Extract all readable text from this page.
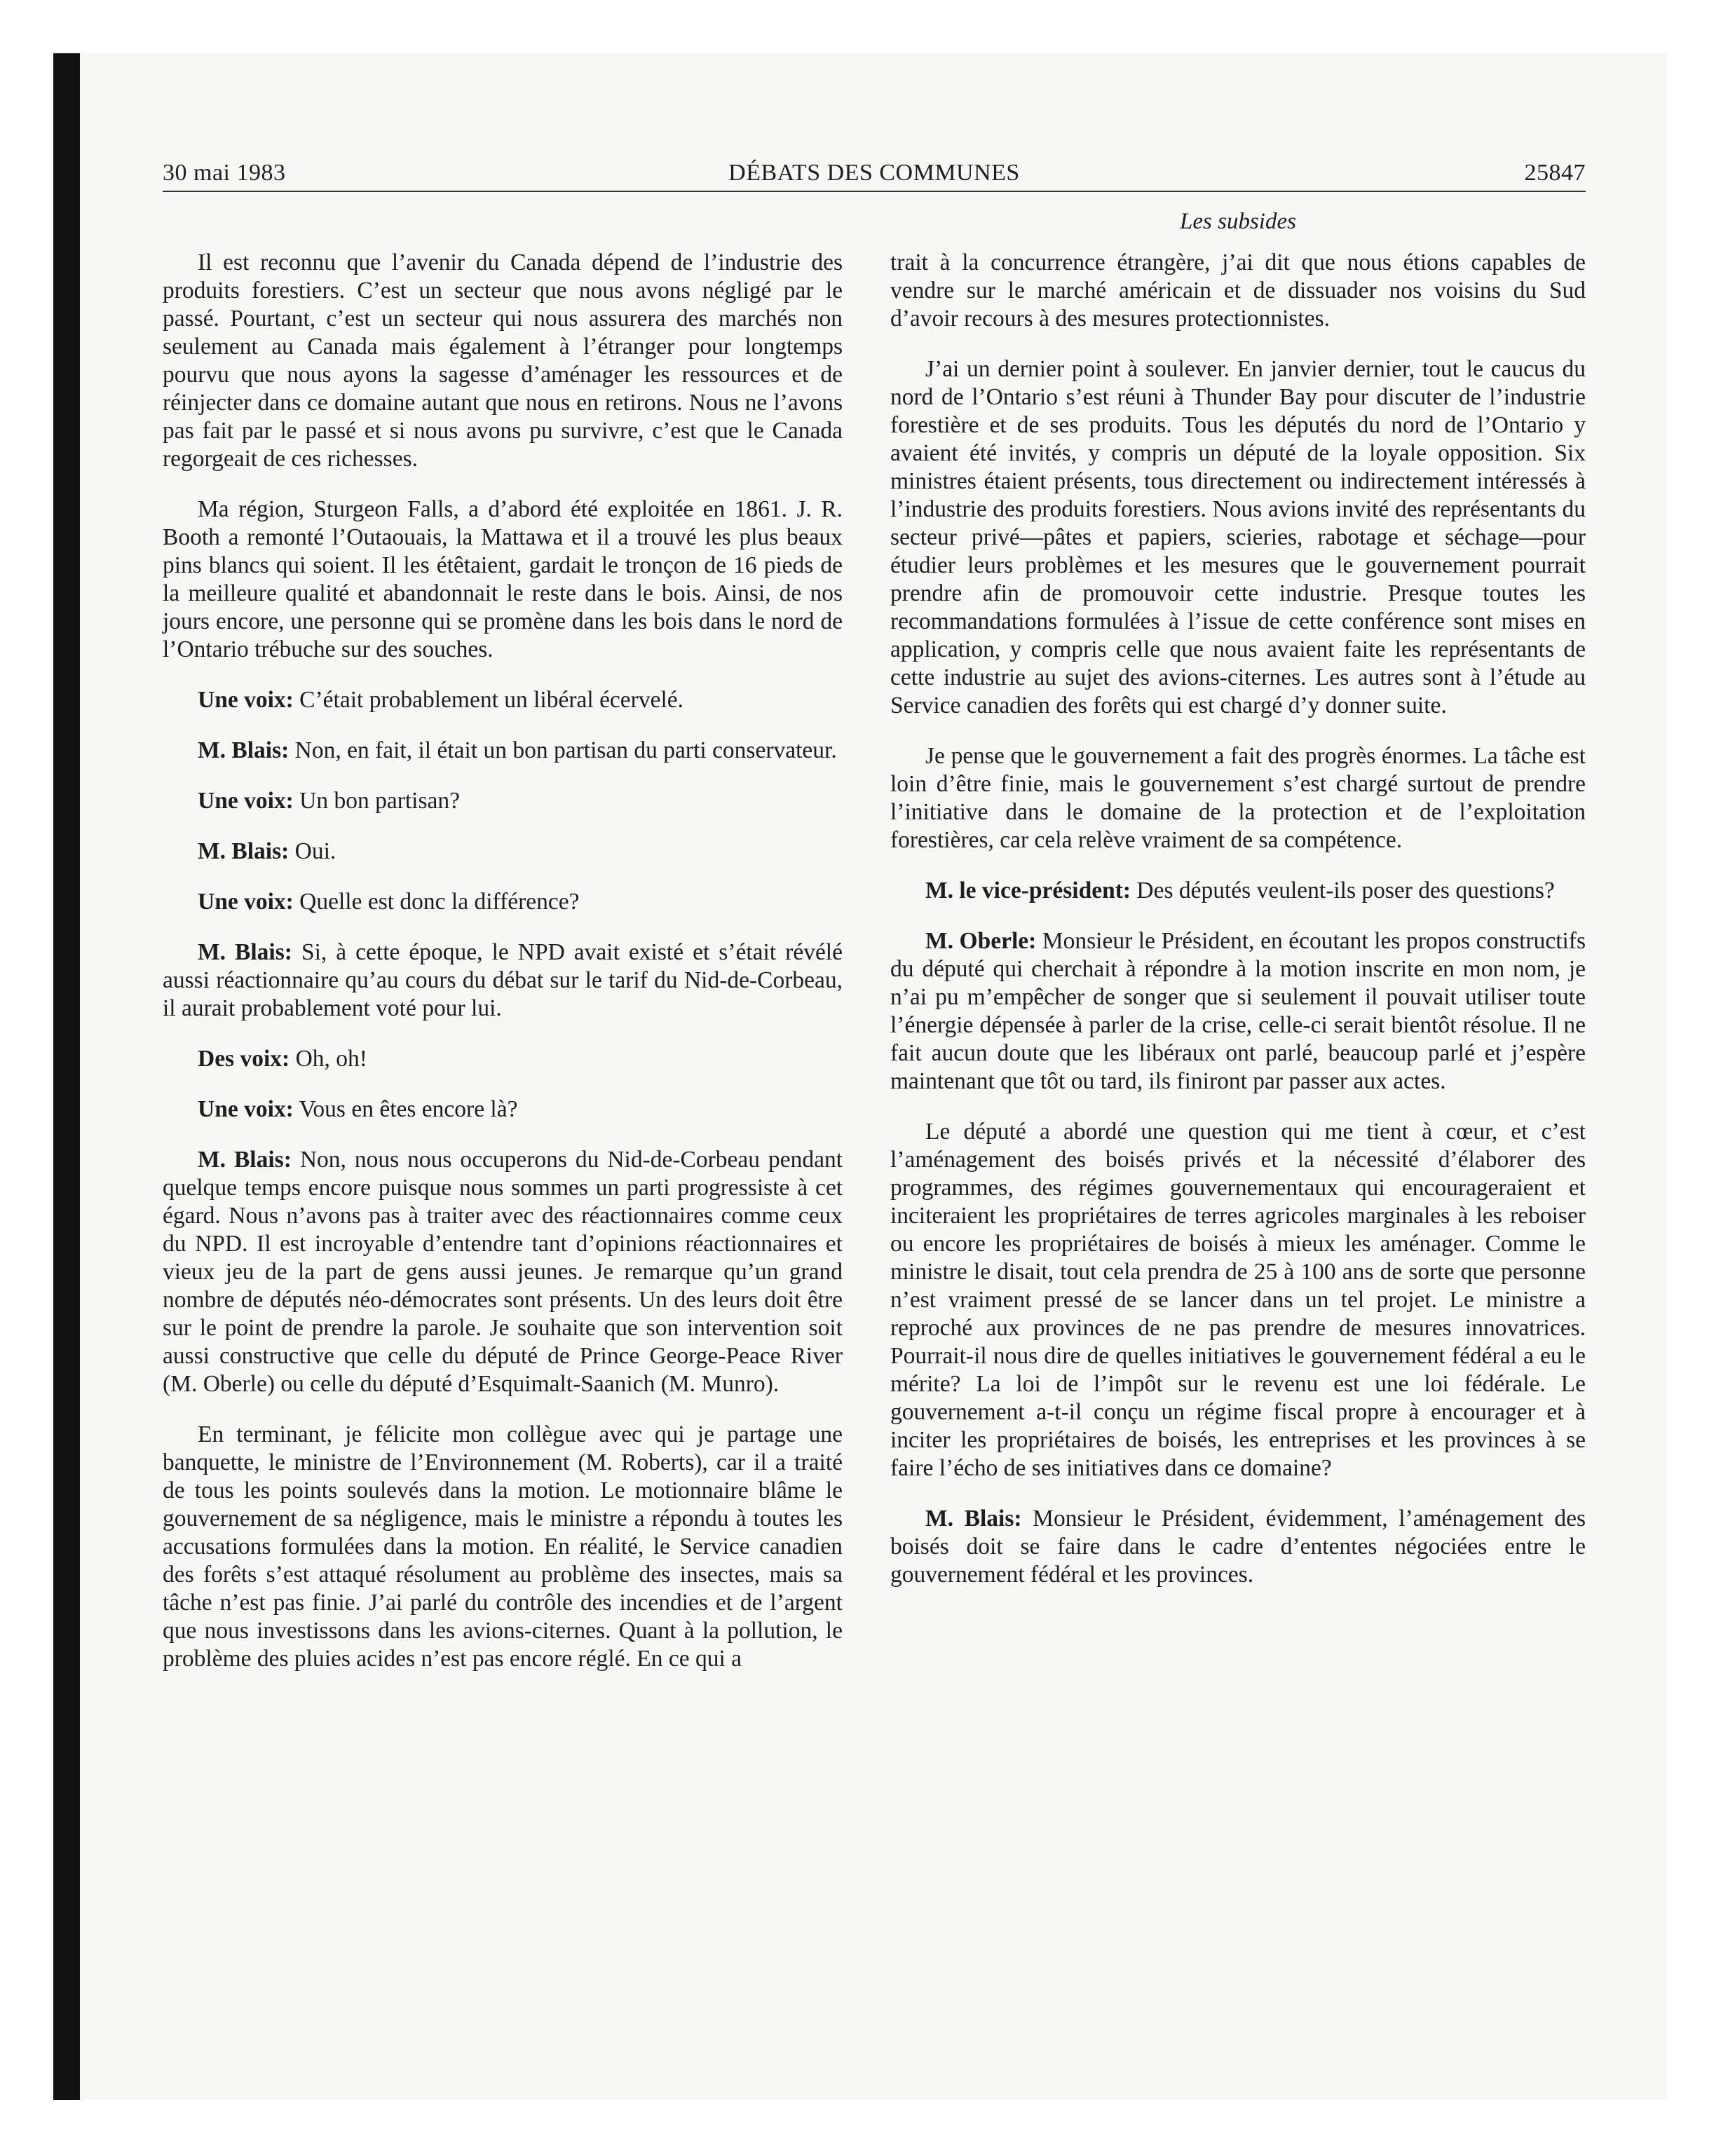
DÉBATS DES COMMUNES
30 mai 1983	25847
Les subsides

Il est reconnu que l’avenir du Canada dépend de l’industrie des produits forestiers. C’est un secteur que nous avons négligé par le passé. Pourtant, c’est un secteur qui nous assurera des marchés non seulement au Canada mais également à l’étranger pour longtemps pourvu que nous ayons la sagesse d’aménager les ressources et de réinjecter dans ce domaine autant que nous en retirons. Nous ne l’avons pas fait par le passé et si nous avons pu survivre, c’est que le Canada regorgeait de ces richesses.

Ma région, Sturgeon Falls, a d’abord été exploitée en 1861. J. R. Booth a remonté l’Outaouais, la Mattawa et il a trouvé les plus beaux pins blancs qui soient. Il les étêtaient, gardait le tronçon de 16 pieds de la meilleure qualité et abandonnait le reste dans le bois. Ainsi, de nos jours encore, une personne qui se promène dans les bois dans le nord de l’Ontario trébuche sur des souches.

Une voix: C’était probablement un libéral écervelé.

M. Blais: Non, en fait, il était un bon partisan du parti conservateur.

Une voix: Un bon partisan?

M. Blais: Oui.

Une voix: Quelle est donc la différence?

M. Blais: Si, à cette époque, le NPD avait existé et s’était révélé aussi réactionnaire qu’au cours du débat sur le tarif du Nid-de-Corbeau, il aurait probablement voté pour lui.

Des voix: Oh, oh!

Une voix: Vous en êtes encore là?

M. Blais: Non, nous nous occuperons du Nid-de-Corbeau pendant quelque temps encore puisque nous sommes un parti progressiste à cet égard. Nous n’avons pas à traiter avec des réactionnaires comme ceux du NPD. Il est incroyable d’entendre tant d’opinions réactionnaires et vieux jeu de la part de gens aussi jeunes. Je remarque qu’un grand nombre de députés néo-démocrates sont présents. Un des leurs doit être sur le point de prendre la parole. Je souhaite que son intervention soit aussi constructive que celle du député de Prince George-Peace River (M. Oberle) ou celle du député d’Esquimalt-Saanich (M. Munro).

En terminant, je félicite mon collègue avec qui je partage une banquette, le ministre de l’Environnement (M. Roberts), car il a traité de tous les points soulevés dans la motion. Le motionnaire blâme le gouvernement de sa négligence, mais le ministre a répondu à toutes les accusations formulées dans la motion. En réalité, le Service canadien des forêts s’est attaqué résolument au problème des insectes, mais sa tâche n’est pas finie. J’ai parlé du contrôle des incendies et de l’argent que nous investissons dans les avions-citernes. Quant à la pollution, le problème des pluies acides n’est pas encore réglé. En ce qui a

trait à la concurrence étrangère, j’ai dit que nous étions capables de vendre sur le marché américain et de dissuader nos voisins du Sud d’avoir recours à des mesures protectionnistes.

J’ai un dernier point à soulever. En janvier dernier, tout le caucus du nord de l’Ontario s’est réuni à Thunder Bay pour discuter de l’industrie forestière et de ses produits. Tous les députés du nord de l’Ontario y avaient été invités, y compris un député de la loyale opposition. Six ministres étaient présents, tous directement ou indirectement intéressés à l’industrie des produits forestiers. Nous avions invité des représentants du secteur privé—pâtes et papiers, scieries, rabotage et séchage—pour étudier leurs problèmes et les mesures que le gouvernement pourrait prendre afin de promouvoir cette industrie. Presque toutes les recommandations formulées à l’issue de cette conférence sont mises en application, y compris celle que nous avaient faite les représentants de cette industrie au sujet des avions-citernes. Les autres sont à l’étude au Service canadien des forêts qui est chargé d’y donner suite.

Je pense que le gouvernement a fait des progrès énormes. La tâche est loin d’être finie, mais le gouvernement s’est chargé surtout de prendre l’initiative dans le domaine de la protection et de l’exploitation forestières, car cela relève vraiment de sa compétence.

M. le vice-président: Des députés veulent-ils poser des questions?

M. Oberle: Monsieur le Président, en écoutant les propos constructifs du député qui cherchait à répondre à la motion inscrite en mon nom, je n’ai pu m’empêcher de songer que si seulement il pouvait utiliser toute l’énergie dépensée à parler de la crise, celle-ci serait bientôt résolue. Il ne fait aucun doute que les libéraux ont parlé, beaucoup parlé et j’espère maintenant que tôt ou tard, ils finiront par passer aux actes.

Le député a abordé une question qui me tient à cœur, et c’est l’aménagement des boisés privés et la nécessité d’élaborer des programmes, des régimes gouvernementaux qui encourageraient et inciteraient les propriétaires de terres agricoles marginales à les reboiser ou encore les propriétaires de boisés à mieux les aménager. Comme le ministre le disait, tout cela prendra de 25 à 100 ans de sorte que personne n’est vraiment pressé de se lancer dans un tel projet. Le ministre a reproché aux provinces de ne pas prendre de mesures innovatrices. Pourrait-il nous dire de quelles initiatives le gouvernement fédéral a eu le mérite? La loi de l’impôt sur le revenu est une loi fédérale. Le gouvernement a-t-il conçu un régime fiscal propre à encourager et à inciter les propriétaires de boisés, les entreprises et les provinces à se faire l’écho de ses initiatives dans ce domaine?

M. Blais: Monsieur le Président, évidemment, l’aménagement des boisés doit se faire dans le cadre d’ententes négociées entre le gouvernement fédéral et les provinces.
